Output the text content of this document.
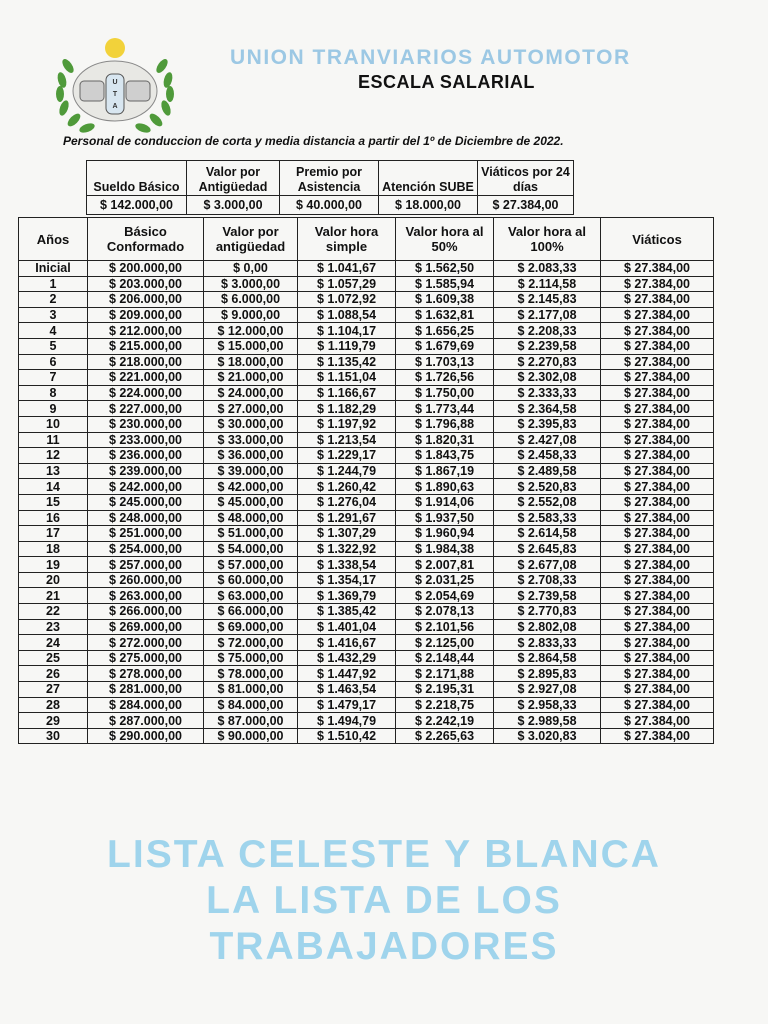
U
T
A
UNION TRANVIARIOS AUTOMOTOR
ESCALA SALARIAL
Personal de conduccion de corta y media distancia a partir del 1º de Diciembre de 2022.
Sueldo Básico	Valor por Antigüedad	Premio por Asistencia	Atención SUBE	Viáticos por 24 días
$ 142.000,00	$ 3.000,00	$ 40.000,00	$ 18.000,00	$ 27.384,00
Años	Básico Conformado	Valor por antigüedad	Valor hora simple	Valor hora al 50%	Valor hora al 100%	Viáticos
Inicial	$ 200.000,00	$ 0,00	$ 1.041,67	$ 1.562,50	$ 2.083,33	$ 27.384,00
1	$ 203.000,00	$ 3.000,00	$ 1.057,29	$ 1.585,94	$ 2.114,58	$ 27.384,00
2	$ 206.000,00	$ 6.000,00	$ 1.072,92	$ 1.609,38	$ 2.145,83	$ 27.384,00
3	$ 209.000,00	$ 9.000,00	$ 1.088,54	$ 1.632,81	$ 2.177,08	$ 27.384,00
4	$ 212.000,00	$ 12.000,00	$ 1.104,17	$ 1.656,25	$ 2.208,33	$ 27.384,00
5	$ 215.000,00	$ 15.000,00	$ 1.119,79	$ 1.679,69	$ 2.239,58	$ 27.384,00
6	$ 218.000,00	$ 18.000,00	$ 1.135,42	$ 1.703,13	$ 2.270,83	$ 27.384,00
7	$ 221.000,00	$ 21.000,00	$ 1.151,04	$ 1.726,56	$ 2.302,08	$ 27.384,00
8	$ 224.000,00	$ 24.000,00	$ 1.166,67	$ 1.750,00	$ 2.333,33	$ 27.384,00
9	$ 227.000,00	$ 27.000,00	$ 1.182,29	$ 1.773,44	$ 2.364,58	$ 27.384,00
10	$ 230.000,00	$ 30.000,00	$ 1.197,92	$ 1.796,88	$ 2.395,83	$ 27.384,00
11	$ 233.000,00	$ 33.000,00	$ 1.213,54	$ 1.820,31	$ 2.427,08	$ 27.384,00
12	$ 236.000,00	$ 36.000,00	$ 1.229,17	$ 1.843,75	$ 2.458,33	$ 27.384,00
13	$ 239.000,00	$ 39.000,00	$ 1.244,79	$ 1.867,19	$ 2.489,58	$ 27.384,00
14	$ 242.000,00	$ 42.000,00	$ 1.260,42	$ 1.890,63	$ 2.520,83	$ 27.384,00
15	$ 245.000,00	$ 45.000,00	$ 1.276,04	$ 1.914,06	$ 2.552,08	$ 27.384,00
16	$ 248.000,00	$ 48.000,00	$ 1.291,67	$ 1.937,50	$ 2.583,33	$ 27.384,00
17	$ 251.000,00	$ 51.000,00	$ 1.307,29	$ 1.960,94	$ 2.614,58	$ 27.384,00
18	$ 254.000,00	$ 54.000,00	$ 1.322,92	$ 1.984,38	$ 2.645,83	$ 27.384,00
19	$ 257.000,00	$ 57.000,00	$ 1.338,54	$ 2.007,81	$ 2.677,08	$ 27.384,00
20	$ 260.000,00	$ 60.000,00	$ 1.354,17	$ 2.031,25	$ 2.708,33	$ 27.384,00
21	$ 263.000,00	$ 63.000,00	$ 1.369,79	$ 2.054,69	$ 2.739,58	$ 27.384,00
22	$ 266.000,00	$ 66.000,00	$ 1.385,42	$ 2.078,13	$ 2.770,83	$ 27.384,00
23	$ 269.000,00	$ 69.000,00	$ 1.401,04	$ 2.101,56	$ 2.802,08	$ 27.384,00
24	$ 272.000,00	$ 72.000,00	$ 1.416,67	$ 2.125,00	$ 2.833,33	$ 27.384,00
25	$ 275.000,00	$ 75.000,00	$ 1.432,29	$ 2.148,44	$ 2.864,58	$ 27.384,00
26	$ 278.000,00	$ 78.000,00	$ 1.447,92	$ 2.171,88	$ 2.895,83	$ 27.384,00
27	$ 281.000,00	$ 81.000,00	$ 1.463,54	$ 2.195,31	$ 2.927,08	$ 27.384,00
28	$ 284.000,00	$ 84.000,00	$ 1.479,17	$ 2.218,75	$ 2.958,33	$ 27.384,00
29	$ 287.000,00	$ 87.000,00	$ 1.494,79	$ 2.242,19	$ 2.989,58	$ 27.384,00
30	$ 290.000,00	$ 90.000,00	$ 1.510,42	$ 2.265,63	$ 3.020,83	$ 27.384,00
LISTA CELESTE Y BLANCA
LA LISTA DE LOS
TRABAJADORES
